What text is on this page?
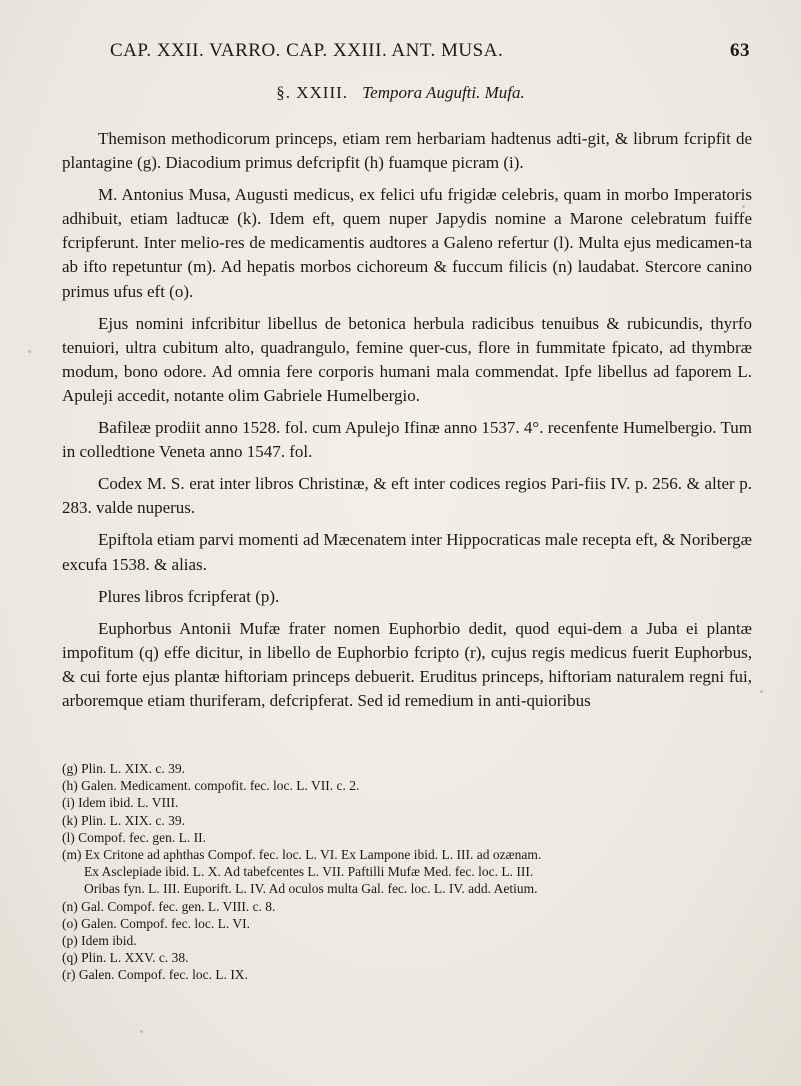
CAP. XXII. VARRO. CAP. XXIII. ANT. MUSA.	63
§. XXIII. Tempora Augufti. Mufa.

Themison methodicorum princeps, etiam rem herbariam hadtenus adti-git, & librum fcripfit de plantagine (g). Diacodium primus defcripfit (h) fuamque picram (i).

M. Antonius Musa, Augusti medicus, ex felici ufu frigidæ celebris, quam in morbo Imperatoris adhibuit, etiam ladtucæ (k). Idem eft, quem nuper Japydis nomine a Marone celebratum fuiffe fcripferunt. Inter melio-res de medicamentis audtores a Galeno refertur (l). Multa ejus medicamen-ta ab ifto repetuntur (m). Ad hepatis morbos cichoreum & fuccum filicis (n) laudabat. Stercore canino primus ufus eft (o).

Ejus nomini infcribitur libellus de betonica herbula radicibus tenuibus & rubicundis, thyrfo tenuiori, ultra cubitum alto, quadrangulo, femine quer-cus, flore in fummitate fpicato, ad thymbræ modum, bono odore. Ad omnia fere corporis humani mala commendat. Ipfe libellus ad faporem L. Apuleji accedit, notante olim Gabriele Humelbergio.

Bafileæ prodiit anno 1528. fol. cum Apulejo Ifinæ anno 1537. 4°. recenfente Humelbergio. Tum in colledtione Veneta anno 1547. fol.

Codex M. S. erat inter libros Christinæ, & eft inter codices regios Pari-fiis IV. p. 256. & alter p. 283. valde nuperus.

Epiftola etiam parvi momenti ad Mæcenatem inter Hippocraticas male recepta eft, & Noribergæ excufa 1538. & alias.

Plures libros fcripferat (p).

Euphorbus Antonii Mufæ frater nomen Euphorbio dedit, quod equi-dem a Juba ei plantæ impofitum (q) effe dicitur, in libello de Euphorbio fcripto (r), cujus regis medicus fuerit Euphorbus, & cui forte ejus plantæ hiftoriam princeps debuerit. Eruditus princeps, hiftoriam naturalem regni fui, arboremque etiam thuriferam, defcripferat. Sed id remedium in anti-quioribus

(g) Plin. L. XIX. c. 39.

(h) Galen. Medicament. compofit. fec. loc. L. VII. c. 2.

(i) Idem ibid. L. VIII.

(k) Plin. L. XIX. c. 39.

(l) Compof. fec. gen. L. II.

(m) Ex Critone ad aphthas Compof. fec. loc. L. VI. Ex Lampone ibid. L. III. ad ozænam.

Ex Asclepiade ibid. L. X. Ad tabefcentes L. VII. Paftilli Mufæ Med. fec. loc. L. III.

Oribas fyn. L. III. Euporift. L. IV. Ad oculos multa Gal. fec. loc. L. IV. add. Aetium.

(n) Gal. Compof. fec. gen. L. VIII. c. 8.

(o) Galen. Compof. fec. loc. L. VI.

(p) Idem ibid.

(q) Plin. L. XXV. c. 38.

(r) Galen. Compof. fec. loc. L. IX.
